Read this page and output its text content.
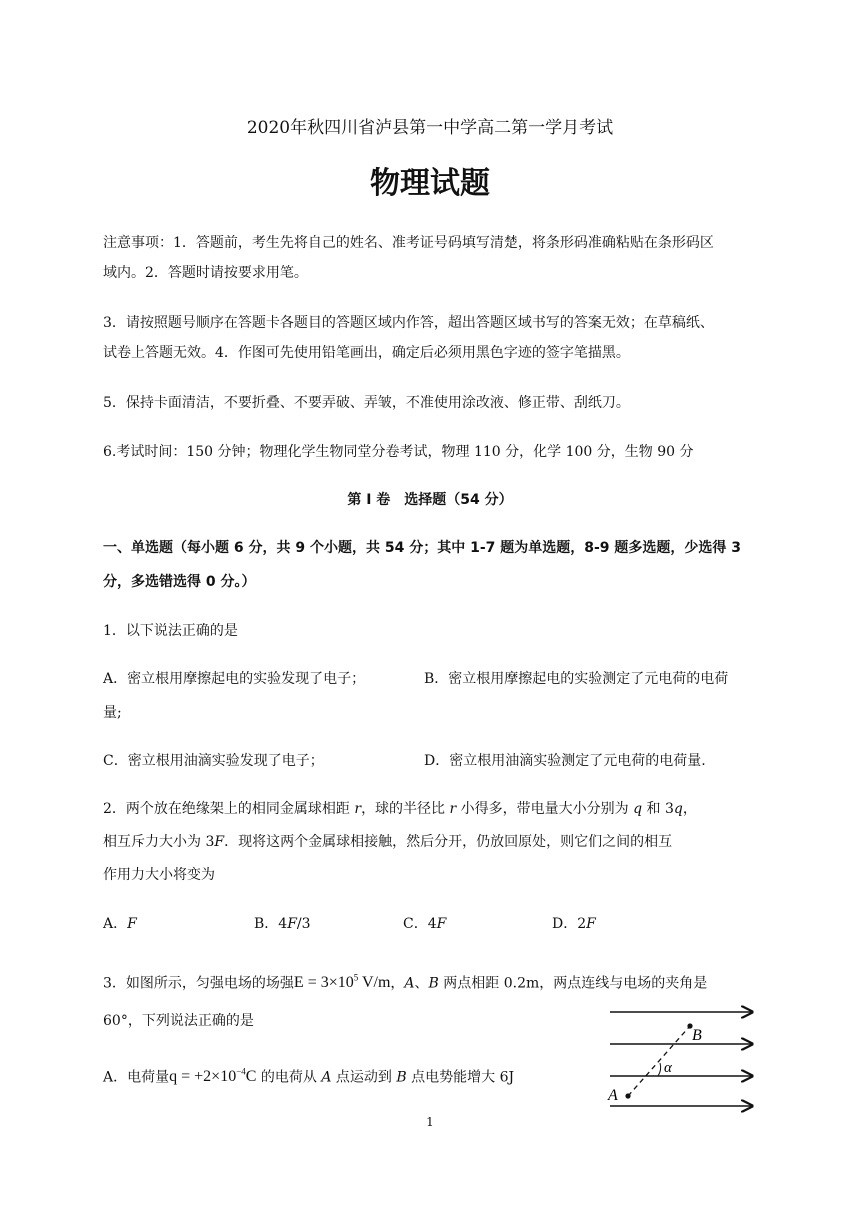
2020年秋四川省泸县第一中学高二第一学月考试
物理试题
注意事项：1．答题前，考生先将自己的姓名、准考证号码填写清楚，将条形码准确粘贴在条形码区
域内。2．答题时请按要求用笔。
3．请按照题号顺序在答题卡各题目的答题区域内作答，超出答题区域书写的答案无效；在草稿纸、
试卷上答题无效。4．作图可先使用铅笔画出，确定后必须用黑色字迹的签字笔描黑。
5．保持卡面清洁，不要折叠、不要弄破、弄皱，不准使用涂改液、修正带、刮纸刀。
6.考试时间：150 分钟；物理化学生物同堂分卷考试，物理 110 分，化学 100 分，生物 90 分
第 I 卷　选择题（54 分）
一、单选题（每小题 6 分，共 9 个小题，共 54 分；其中 1-7 题为单选题，8-9 题多选题，少选得 3
分，多选错选得 0 分。）
1．以下说法正确的是
A．密立根用摩擦起电的实验发现了电子；	B．密立根用摩擦起电的实验测定了元电荷的电荷
量;
C．密立根用油滴实验发现了电子；	D．密立根用油滴实验测定了元电荷的电荷量.
2．两个放在绝缘架上的相同金属球相距 r，球的半径比 r 小得多，带电量大小分别为 q 和 3q，
相互斥力大小为 3F．现将这两个金属球相接触，然后分开，仍放回原处，则它们之间的相互
作用力大小将变为
A．F	B．4F/3	C．4F	D．2F
3．如图所示，匀强电场的场强$E = 3\times 10^5$ V/m，A、B 两点相距 0.2m，两点连线与电场的夹角是
60°，下列说法正确的是
A．电荷量$q = +2\times 10^{-4}C$ 的电荷从 A 点运动到 B 点电势能增大 6J
A
B
α
1
